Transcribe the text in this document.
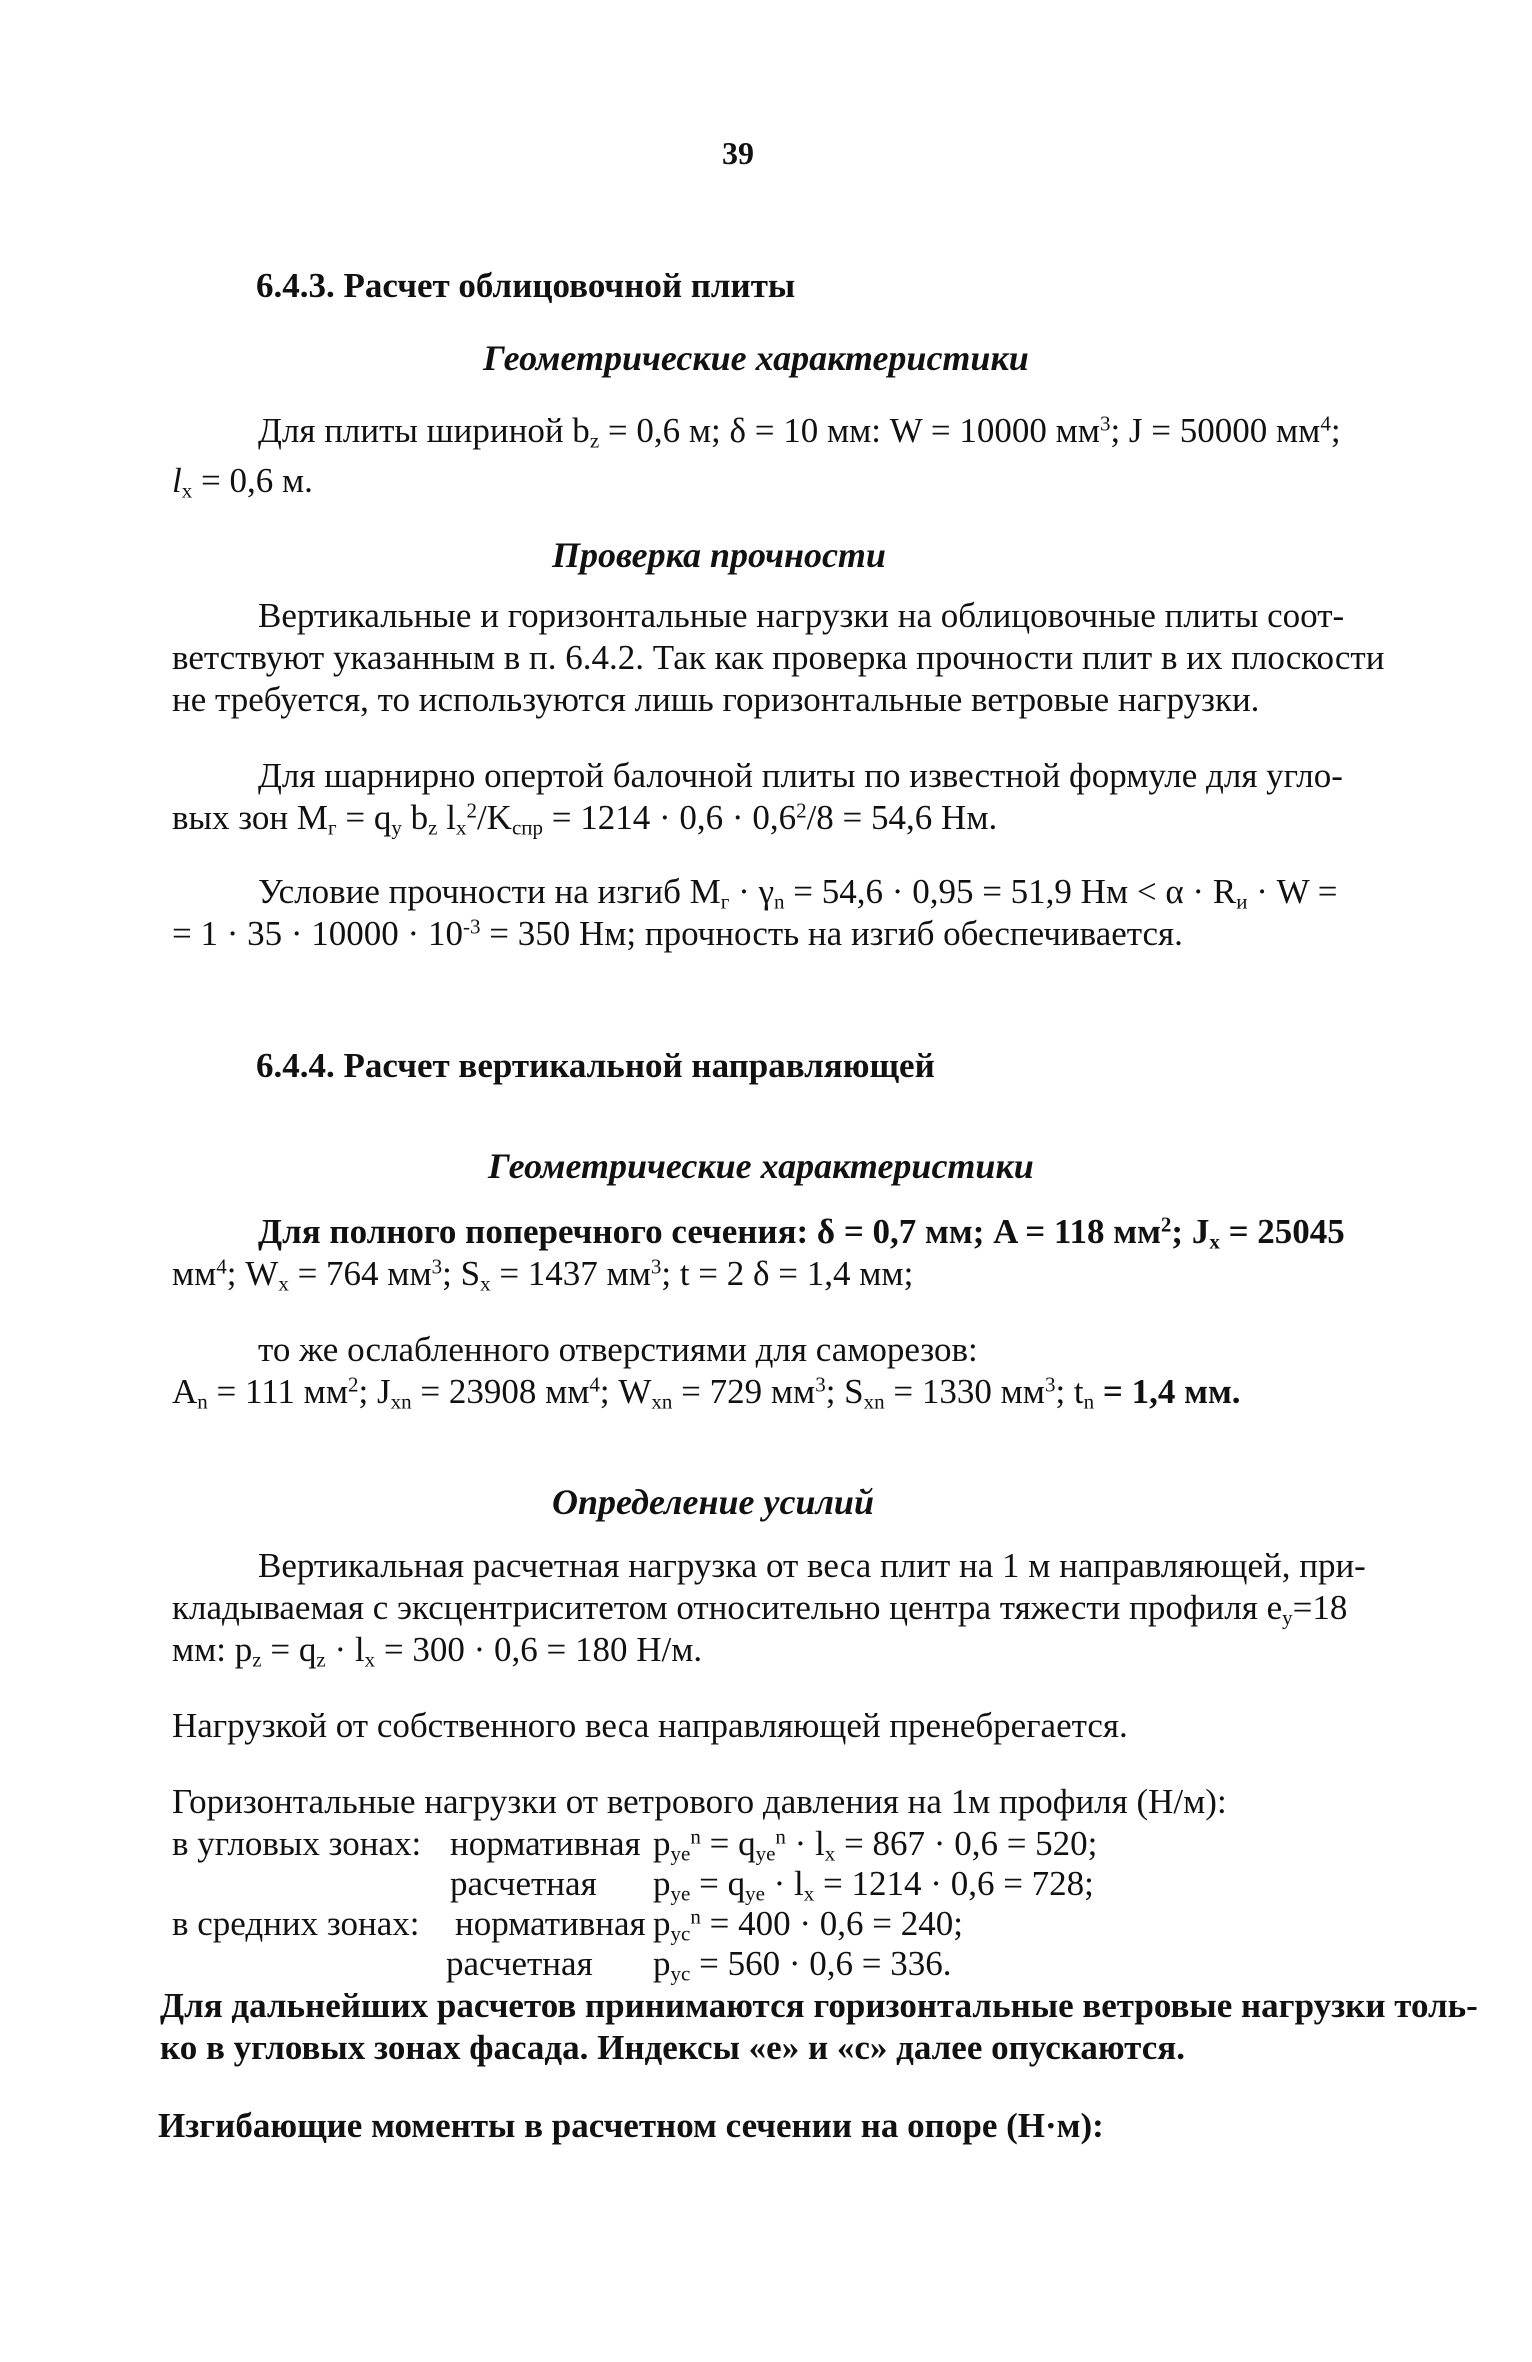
39
6.4.3. Расчет облицовочной плиты
Геометрические характеристики
Для плиты шириной $b_z = 0,6$ м; δ = 10 мм: W = 10000 $мм^3$; J = 50000 $мм^4$;
$l_x = 0,6$ м.
Проверка прочности
Вертикальные и горизонтальные нагрузки на облицовочные плиты соот-
ветствуют указанным в п. 6.4.2. Так как проверка прочности плит в их плоскости
не требуется, то используются лишь горизонтальные ветровые нагрузки.
Для шарнирно опертой балочной плиты по известной формуле для угло-
вых зон $M_г = q_y$ $b_z$ $l_x^2/K_{спр} = 1214 \cdot 0,6 \cdot 0,6^2/8 = 54,6$ Нм.
Условие прочности на изгиб $M_г \cdot \gamma_n = 54,6 \cdot 0,95 = 51,9$ Нм < $\alpha \cdot R_и \cdot W$ =
= $1 \cdot 35 \cdot 10000 \cdot 10^{-3} = 350$ Нм; прочность на изгиб обеспечивается.
6.4.4. Расчет вертикальной направляющей
Геометрические характеристики
Для полного поперечного сечения: δ = 0,7 мм; A = 118 $мм^2$; $J_x = 25045$
$мм^4$; $W_x = 764$ $мм^3$; $S_x = 1437$ $мм^3$; t = 2 δ = 1,4 мм;
то же ослабленного отверстиями для саморезов:
$A_n = 111$ $мм^2$; $J_{xn} = 23908$ $мм^4$; $W_{xn} = 729$ $мм^3$; $S_{xn} = 1330$ $мм^3$; $t_n = 1,4$ мм.
Определение усилий
Вертикальная расчетная нагрузка от веса плит на 1 м направляющей, при-
кладываемая с эксцентриситетом относительно центра тяжести профиля $e_y=18$
мм: $p_z = q_z \cdot l_x = 300 \cdot 0,6 = 180$ Н/м.
Нагрузкой от собственного веса направляющей пренебрегается.
Горизонтальные нагрузки от ветрового давления на 1м профиля (Н/м):
в угловых зонах: нормативная $p_{ye}^n = q_{ye}^n \cdot l_x = 867 \cdot 0,6 = 520$;
расчетная $p_{ye} = q_{ye} \cdot l_x = 1214 \cdot 0,6 = 728$;
в средних зонах: нормативная $p_{yc}^n = 400 \cdot 0,6 = 240$;
расчетная $p_{yc} = 560 \cdot 0,6 = 336$.
Для дальнейших расчетов принимаются горизонтальные ветровые нагрузки толь-
ко в угловых зонах фасада. Индексы «е» и «с» далее опускаются.
Изгибающие моменты в расчетном сечении на опоре (Н·м):
